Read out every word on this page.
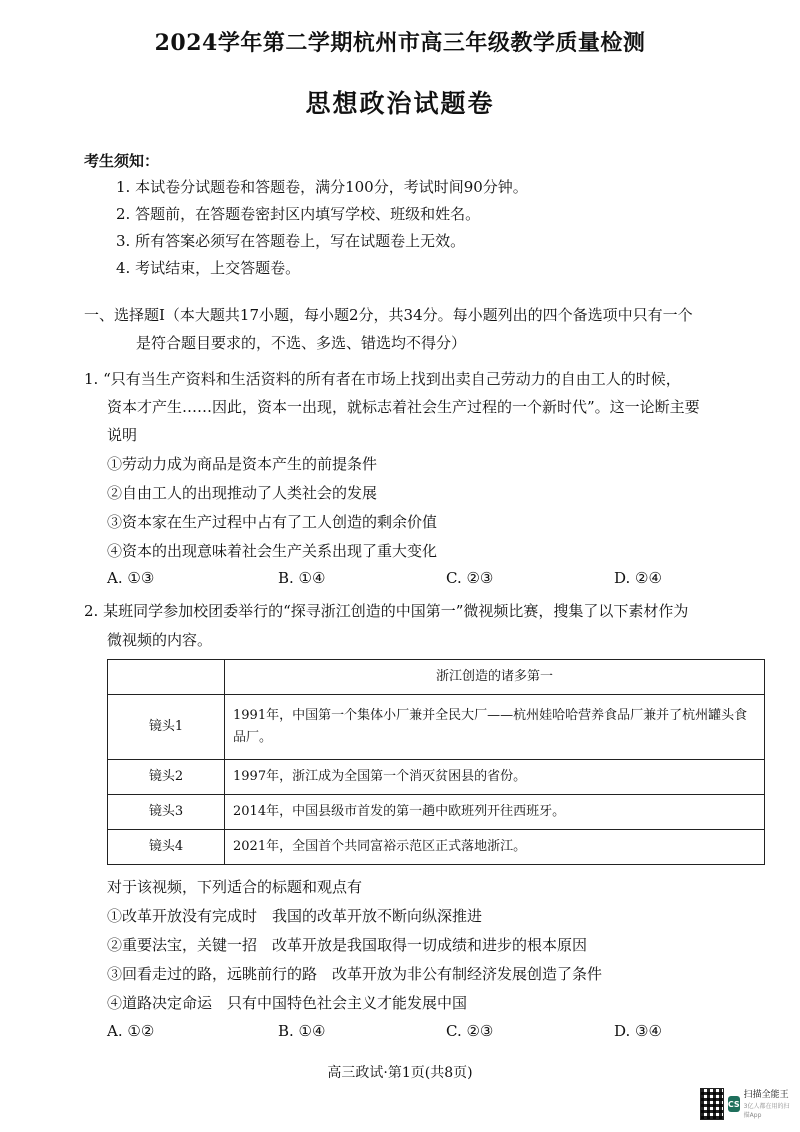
2024学年第二学期杭州市高三年级教学质量检测
思想政治试题卷
考生须知：
1. 本试卷分试题卷和答题卷，满分100分，考试时间90分钟。
2. 答题前，在答题卷密封区内填写学校、班级和姓名。
3. 所有答案必须写在答题卷上，写在试题卷上无效。
4. 考试结束，上交答题卷。
一、选择题Ⅰ（本大题共17小题，每小题2分，共34分。每小题列出的四个备选项中只有一个
是符合题目要求的，不选、多选、错选均不得分）
1. “只有当生产资料和生活资料的所有者在市场上找到出卖自己劳动力的自由工人的时候，
资本才产生……因此，资本一出现，就标志着社会生产过程的一个新时代”。这一论断主要
说明
①劳动力成为商品是资本产生的前提条件
②自由工人的出现推动了人类社会的发展
③资本家在生产过程中占有了工人创造的剩余价值
④资本的出现意味着社会生产关系出现了重大变化
A. ①③	B. ①④	C. ②③	D. ②④
2. 某班同学参加校团委举行的“探寻浙江创造的中国第一”微视频比赛，搜集了以下素材作为
微视频的内容。
	浙江创造的诸多第一
镜头1	1991年，中国第一个集体小厂兼并全民大厂——杭州娃哈哈营养食品厂兼并了杭州罐头食品厂。
镜头2	1997年，浙江成为全国第一个消灭贫困县的省份。
镜头3	2014年，中国县级市首发的第一趟中欧班列开往西班牙。
镜头4	2021年，全国首个共同富裕示范区正式落地浙江。
对于该视频，下列适合的标题和观点有
①改革开放没有完成时　我国的改革开放不断向纵深推进
②重要法宝，关键一招　改革开放是我国取得一切成绩和进步的根本原因
③回看走过的路，远眺前行的路　改革开放为非公有制经济发展创造了条件
④道路决定命运　只有中国特色社会主义才能发展中国
A. ①②	B. ①④	C. ②③	D. ③④
高三政试·第1页(共8页)
CS
扫描全能王
3亿人都在用的扫描App
